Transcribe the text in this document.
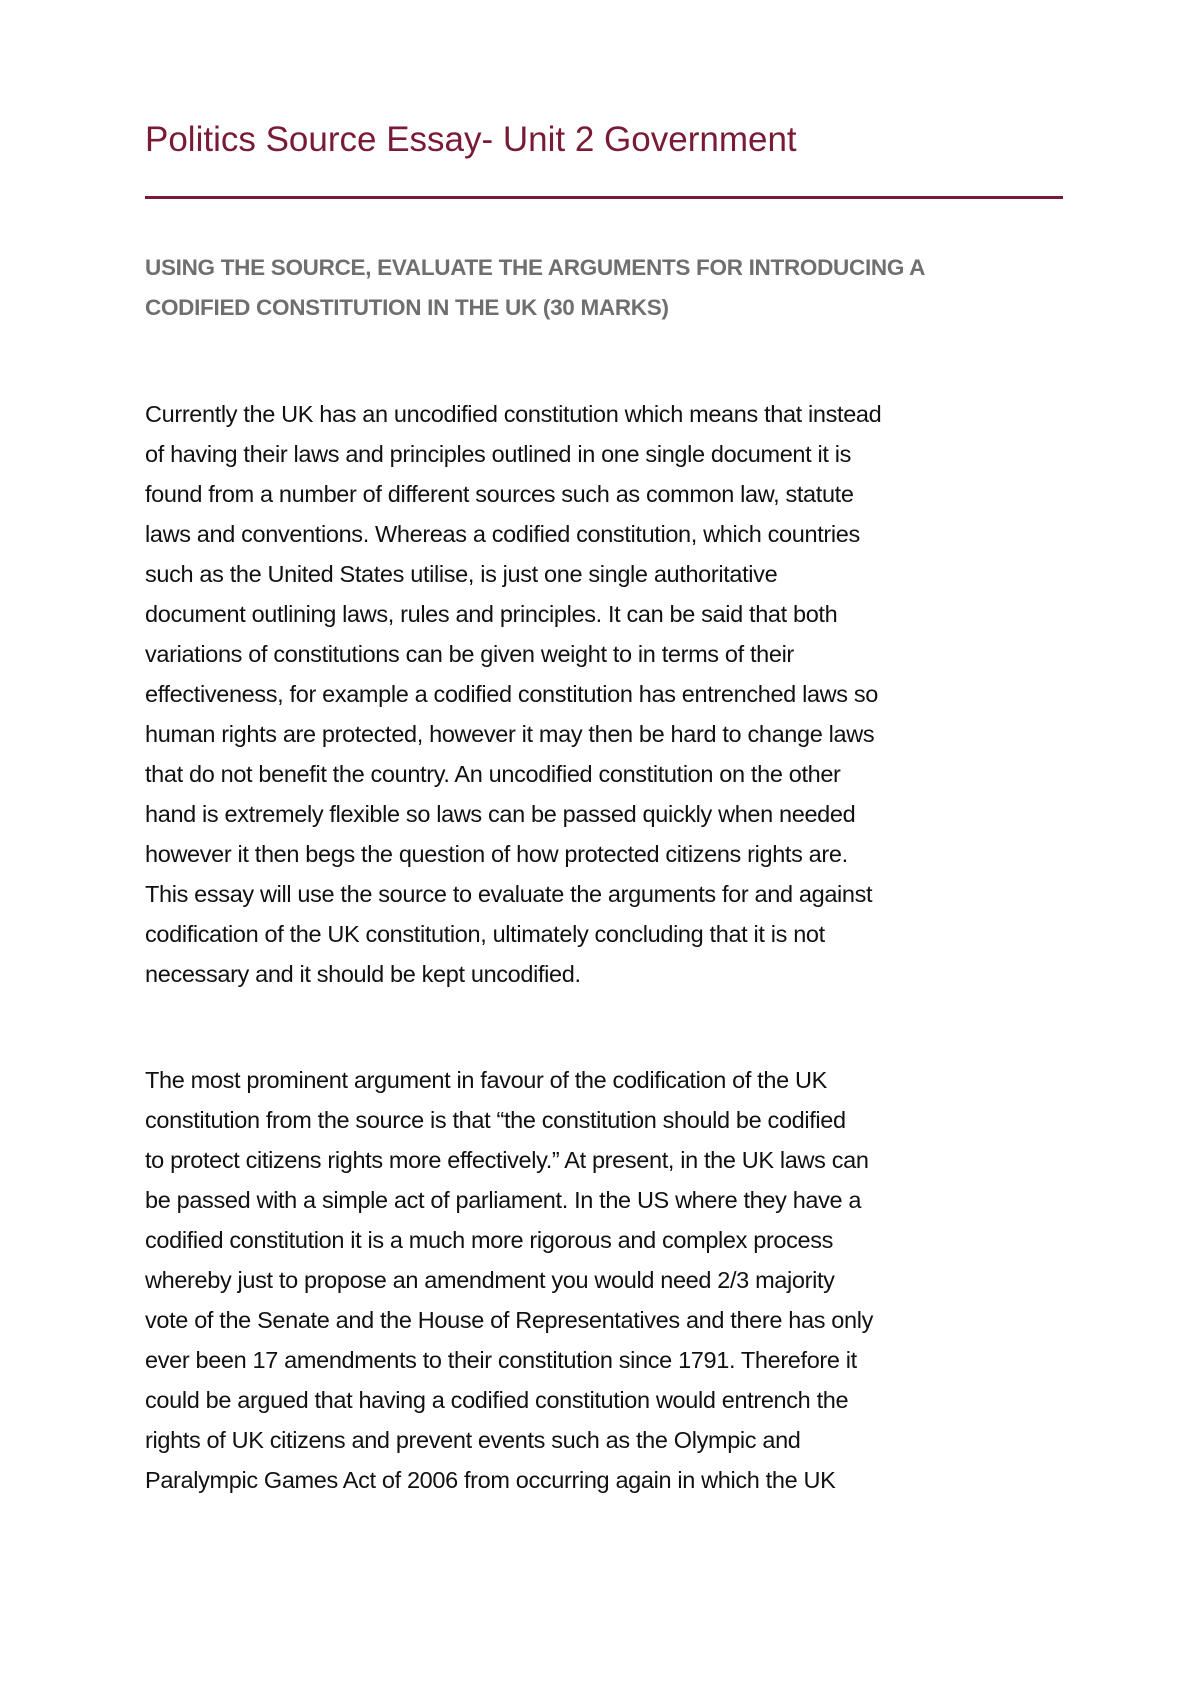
Politics Source Essay- Unit 2 Government
USING THE SOURCE, EVALUATE THE ARGUMENTS FOR INTRODUCING A
CODIFIED CONSTITUTION IN THE UK (30 MARKS)

Currently the UK has an uncodified constitution which means that instead
of having their laws and principles outlined in one single document it is
found from a number of different sources such as common law, statute
laws and conventions. Whereas a codified constitution, which countries
such as the United States utilise, is just one single authoritative
document outlining laws, rules and principles. It can be said that both
variations of constitutions can be given weight to in terms of their
effectiveness, for example a codified constitution has entrenched laws so
human rights are protected, however it may then be hard to change laws
that do not benefit the country. An uncodified constitution on the other
hand is extremely flexible so laws can be passed quickly when needed
however it then begs the question of how protected citizens rights are.
This essay will use the source to evaluate the arguments for and against
codification of the UK constitution, ultimately concluding that it is not
necessary and it should be kept uncodified.

The most prominent argument in favour of the codification of the UK
constitution from the source is that “the constitution should be codified
to protect citizens rights more effectively.” At present, in the UK laws can
be passed with a simple act of parliament. In the US where they have a
codified constitution it is a much more rigorous and complex process
whereby just to propose an amendment you would need 2/3 majority
vote of the Senate and the House of Representatives and there has only
ever been 17 amendments to their constitution since 1791. Therefore it
could be argued that having a codified constitution would entrench the
rights of UK citizens and prevent events such as the Olympic and
Paralympic Games Act of 2006 from occurring again in which the UK
